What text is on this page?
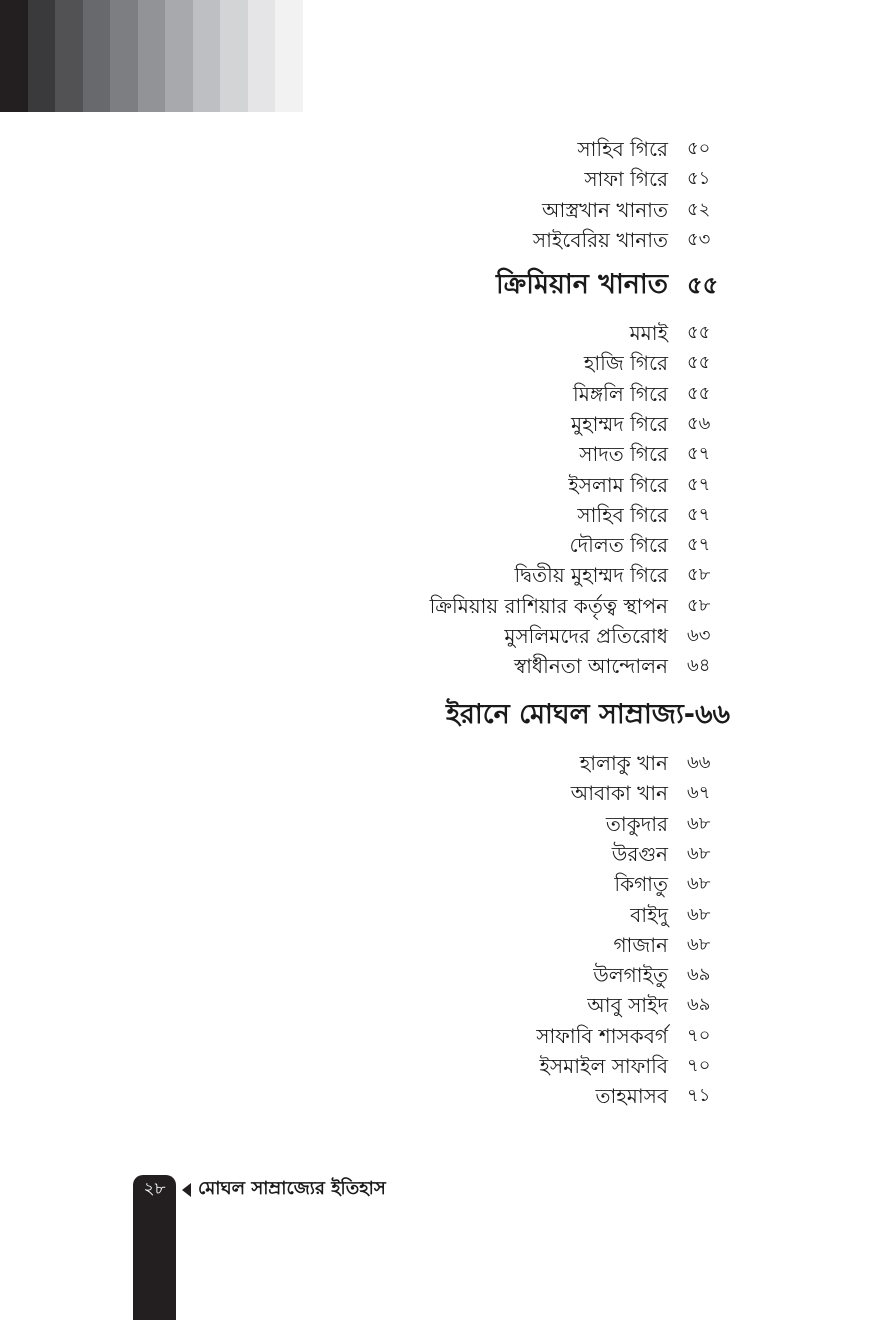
ক্রিমিয়ান খানাত ৫৫
ইরানে মোঘল সাম্রাজ্য-৬৬
সাহিব গিরে ৫০
সাফা গিরে ৫১
আস্ত্রখান খানাত ৫২
সাইবেরিয় খানাত ৫৩
মমাই ৫৫
হাজি গিরে ৫৫
মিঙ্গলি গিরে ৫৫
মুহাম্মদ গিরে ৫৬
সাদত গিরে ৫৭
ইসলাম গিরে ৫৭
সাহিব গিরে ৫৭
দৌলত গিরে ৫৭
দ্বিতীয় মুহাম্মদ গিরে ৫৮
ক্রিমিয়ায় রাশিয়ার কর্তৃত্ব স্থাপন ৫৮
মুসলিমদের প্রতিরোধ ৬৩
স্বাধীনতা আন্দোলন ৬৪
হালাকু খান ৬৬
আবাকা খান ৬৭
তাকুদার ৬৮
উরগুন ৬৮
কিগাতু ৬৮
বাইদু ৬৮
গাজান ৬৮
উলগাইতু ৬৯
আবু সাইদ ৬৯
সাফাবি শাসকবর্গ ৭০
ইসমাইল সাফাবি ৭০
তাহমাসব ৭১
২৮	মোঘল সাম্রাজ্যের ইতিহাস
